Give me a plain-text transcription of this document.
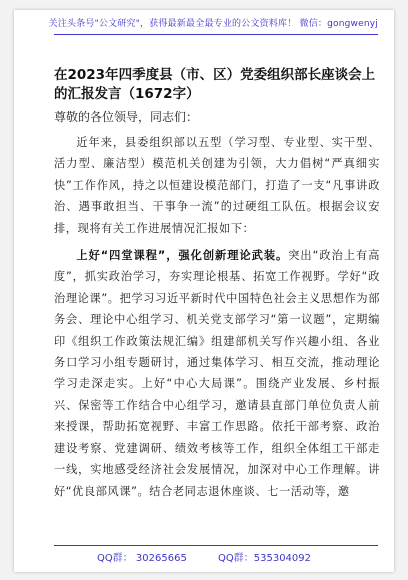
关注头条号"公文研究"，获得最新最全最专业的公文资料库！ 微信：gongwenyj
在2023年四季度县（市、区）党委组织部长座谈会上的汇报发言（1672字）
尊敬的各位领导，同志们：

近年来，县委组织部以五型（学习型、专业型、实干型、活力型、廉洁型）模范机关创建为引领，大力倡树“严真细实快”工作作风，持之以恒建设模范部门，打造了一支“凡事讲政治、遇事敢担当、干事争一流”的过硬组工队伍。根据会议安排，现将有关工作进展情况汇报如下：

上好“四堂课程”，强化创新理论武装。突出“政治上有高度”，抓实政治学习，夯实理论根基、拓宽工作视野。学好“政治理论课”。把学习习近平新时代中国特色社会主义思想作为部务会、理论中心组学习、机关党支部学习“第一议题”，定期编印《组织工作政策法规汇编》组建部机关写作兴趣小组、各业务口学习小组专题研讨，通过集体学习、相互交流，推动理论学习走深走实。上好“中心大局课”。围绕产业发展、乡村振兴、保密等工作结合中心组学习，邀请县直部门单位负责人前来授课，帮助拓宽视野、丰富工作思路。依托干部考察、政治建设考察、党建调研、绩效考核等工作，组织全体组工干部走一线，实地感受经济社会发展情况，加深对中心工作理解。讲好“优良部风课”。结合老同志退休座谈、七一活动等，邀

QQ群： 30265665	QQ群：535304092
